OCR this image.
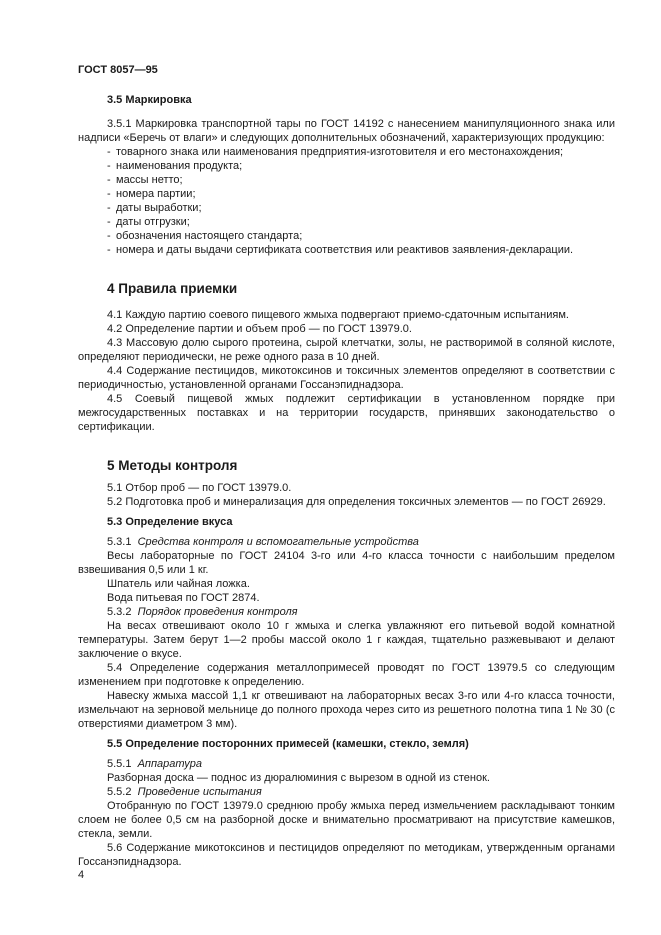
ГОСТ 8057—95

3.5 Маркировка

3.5.1 Маркировка транспортной тары по ГОСТ 14192 с нанесением манипуляционного знака или надписи «Беречь от влаги» и следующих дополнительных обозначений, характеризующих продукцию:

- товарного знака или наименования предприятия-изготовителя и его местонахождения;
- наименования продукта;
- массы нетто;
- номера партии;
- даты выработки;
- даты отгрузки;
- обозначения настоящего стандарта;
- номера и даты выдачи сертификата соответствия или реактивов заявления-декларации.

4 Правила приемки

4.1 Каждую партию соевого пищевого жмыха подвергают приемо-сдаточным испытаниям.

4.2 Определение партии и объем проб — по ГОСТ 13979.0.

4.3 Массовую долю сырого протеина, сырой клетчатки, золы, не растворимой в соляной кислоте, определяют периодически, не реже одного раза в 10 дней.

4.4 Содержание пестицидов, микотоксинов и токсичных элементов определяют в соответствии с периодичностью, установленной органами Госсанэпиднадзора.

4.5 Соевый пищевой жмых подлежит сертификации в установленном порядке при межгосударственных поставках и на территории государств, принявших законодательство о сертификации.

5 Методы контроля

5.1 Отбор проб — по ГОСТ 13979.0.

5.2 Подготовка проб и минерализация для определения токсичных элементов — по ГОСТ 26929.

5.3 Определение вкуса

5.3.1 Средства контроля и вспомогательные устройства

Весы лабораторные по ГОСТ 24104 3-го или 4-го класса точности с наибольшим пределом взвешивания 0,5 или 1 кг.

Шпатель или чайная ложка.

Вода питьевая по ГОСТ 2874.

5.3.2 Порядок проведения контроля

На весах отвешивают около 10 г жмыха и слегка увлажняют его питьевой водой комнатной температуры. Затем берут 1—2 пробы массой около 1 г каждая, тщательно разжевывают и делают заключение о вкусе.

5.4 Определение содержания металлопримесей проводят по ГОСТ 13979.5 со следующим изменением при подготовке к определению.

Навеску жмыха массой 1,1 кг отвешивают на лабораторных весах 3-го или 4-го класса точности, измельчают на зерновой мельнице до полного прохода через сито из решетного полотна типа 1 № 30 (с отверстиями диаметром 3 мм).

5.5 Определение посторонних примесей (камешки, стекло, земля)

5.5.1 Аппаратура

Разборная доска — поднос из дюралюминия с вырезом в одной из стенок.

5.5.2 Проведение испытания

Отобранную по ГОСТ 13979.0 среднюю пробу жмыха перед измельчением раскладывают тонким слоем не более 0,5 см на разборной доске и внимательно просматривают на присутствие камешков, стекла, земли.

5.6 Содержание микотоксинов и пестицидов определяют по методикам, утвержденным органами Госсанэпиднадзора.

4
